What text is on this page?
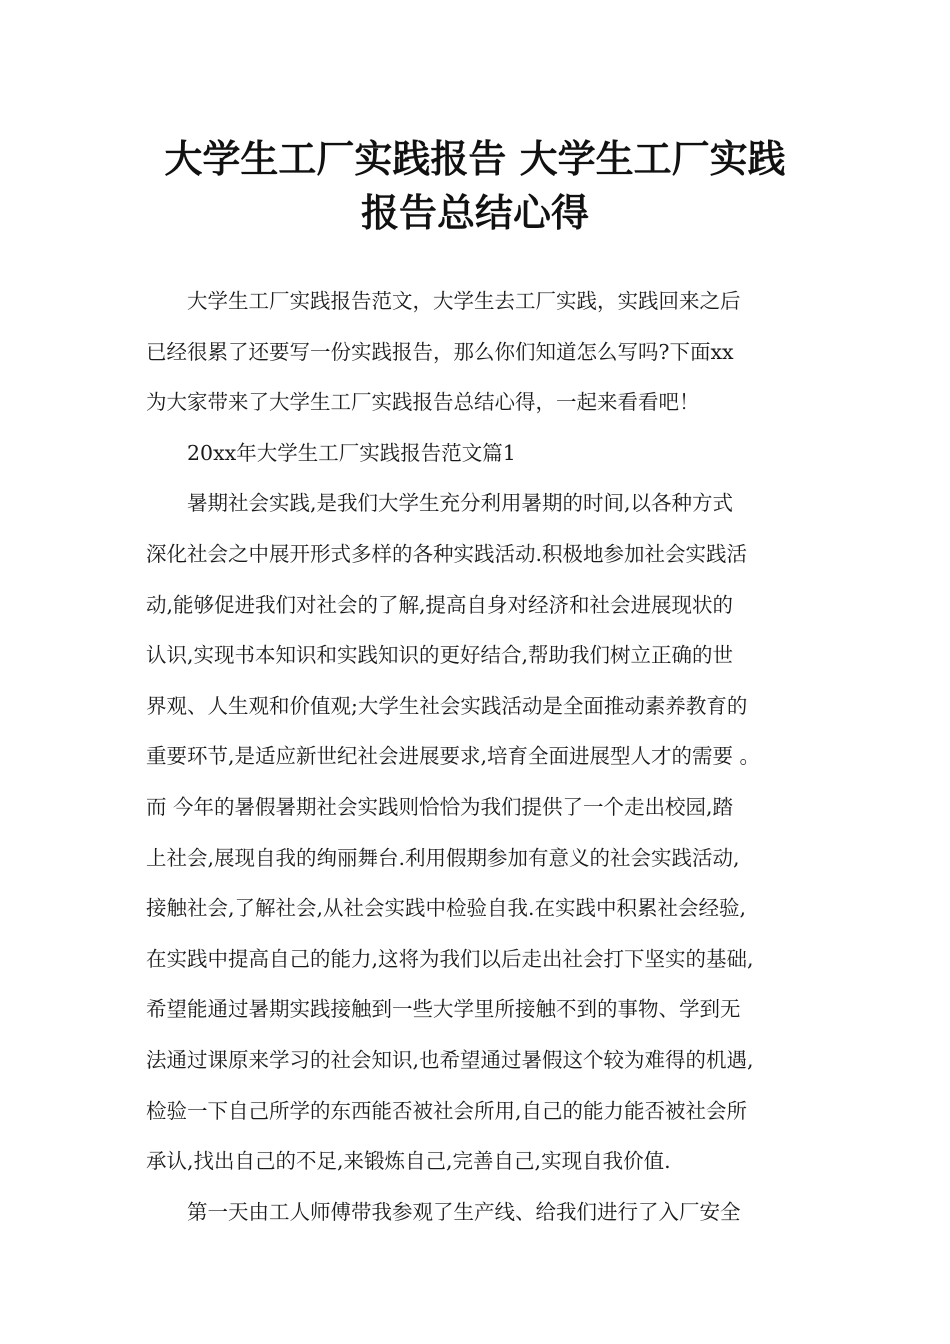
大学生工厂实践报告 大学生工厂实践
报告总结心得
大学生工厂实践报告范文，大学生去工厂实践，实践回来之后
已经很累了还要写一份实践报告，那么你们知道怎么写吗?下面xx
为大家带来了大学生工厂实践报告总结心得，一起来看看吧！
20xx年大学生工厂实践报告范文篇1
暑期社会实践,是我们大学生充分利用暑期的时间,以各种方式
深化社会之中展开形式多样的各种实践活动.积极地参加社会实践活
动,能够促进我们对社会的了解,提高自身对经济和社会进展现状的
认识,实现书本知识和实践知识的更好结合,帮助我们树立正确的世
界观、人生观和价值观;大学生社会实践活动是全面推动素养教育的
重要环节,是适应新世纪社会进展要求,培育全面进展型人才的需要 。
而 今年的暑假暑期社会实践则恰恰为我们提供了一个走出校园,踏
上社会,展现自我的绚丽舞台.利用假期参加有意义的社会实践活动,
接触社会,了解社会,从社会实践中检验自我.在实践中积累社会经验,
在实践中提高自己的能力,这将为我们以后走出社会打下坚实的基础,
希望能通过暑期实践接触到一些大学里所接触不到的事物、学到无
法通过课原来学习的社会知识,也希望通过暑假这个较为难得的机遇,
检验一下自己所学的东西能否被社会所用,自己的能力能否被社会所
承认,找出自己的不足,来锻炼自己,完善自己,实现自我价值.
第一天由工人师傅带我参观了生产线、给我们进行了入厂安全
